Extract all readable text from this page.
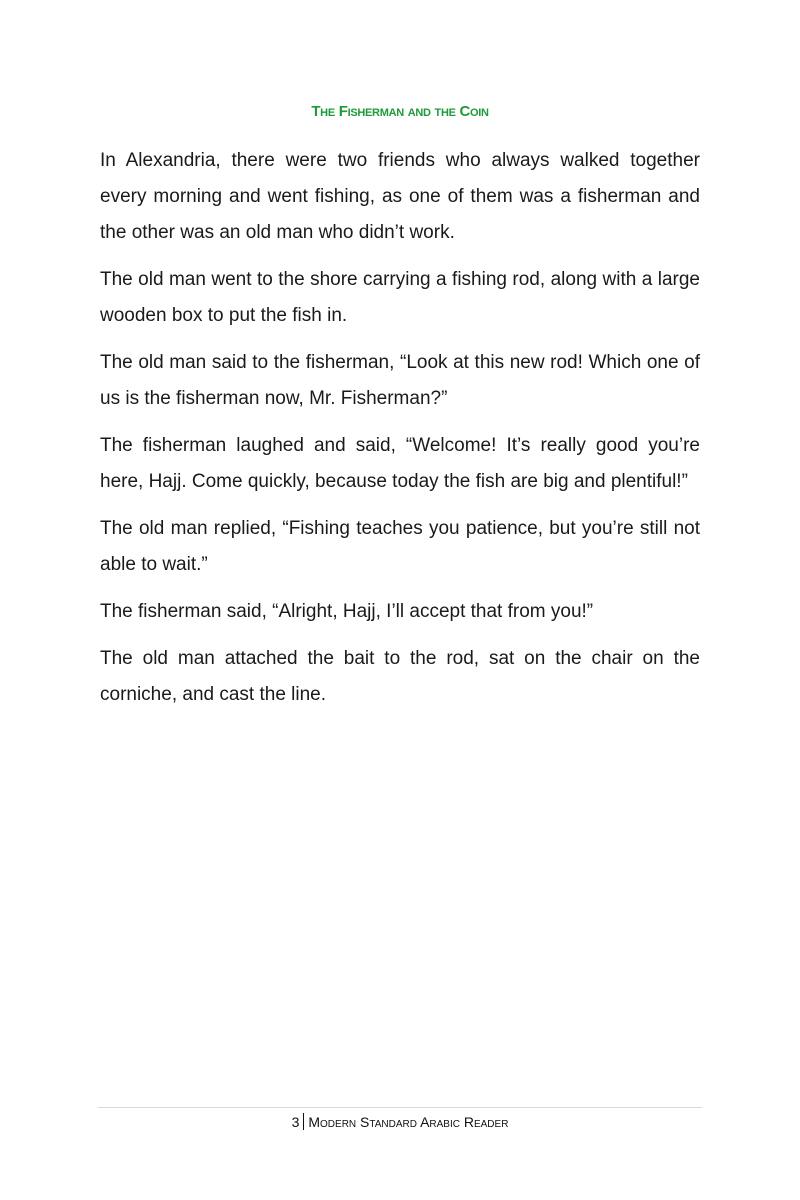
The Fisherman and the Coin

In Alexandria, there were two friends who always walked together every morning and went fishing, as one of them was a fisherman and the other was an old man who didn’t work.

The old man went to the shore carrying a fishing rod, along with a large wooden box to put the fish in.

The old man said to the fisherman, “Look at this new rod! Which one of us is the fisherman now, Mr. Fisherman?”

The fisherman laughed and said, “Welcome! It’s really good you’re here, Hajj. Come quickly, because today the fish are big and plentiful!”

The old man replied, “Fishing teaches you patience, but you’re still not able to wait.”

The fisherman said, “Alright, Hajj, I’ll accept that from you!”

The old man attached the bait to the rod, sat on the chair on the corniche, and cast the line.

3 Modern Standard Arabic Reader
